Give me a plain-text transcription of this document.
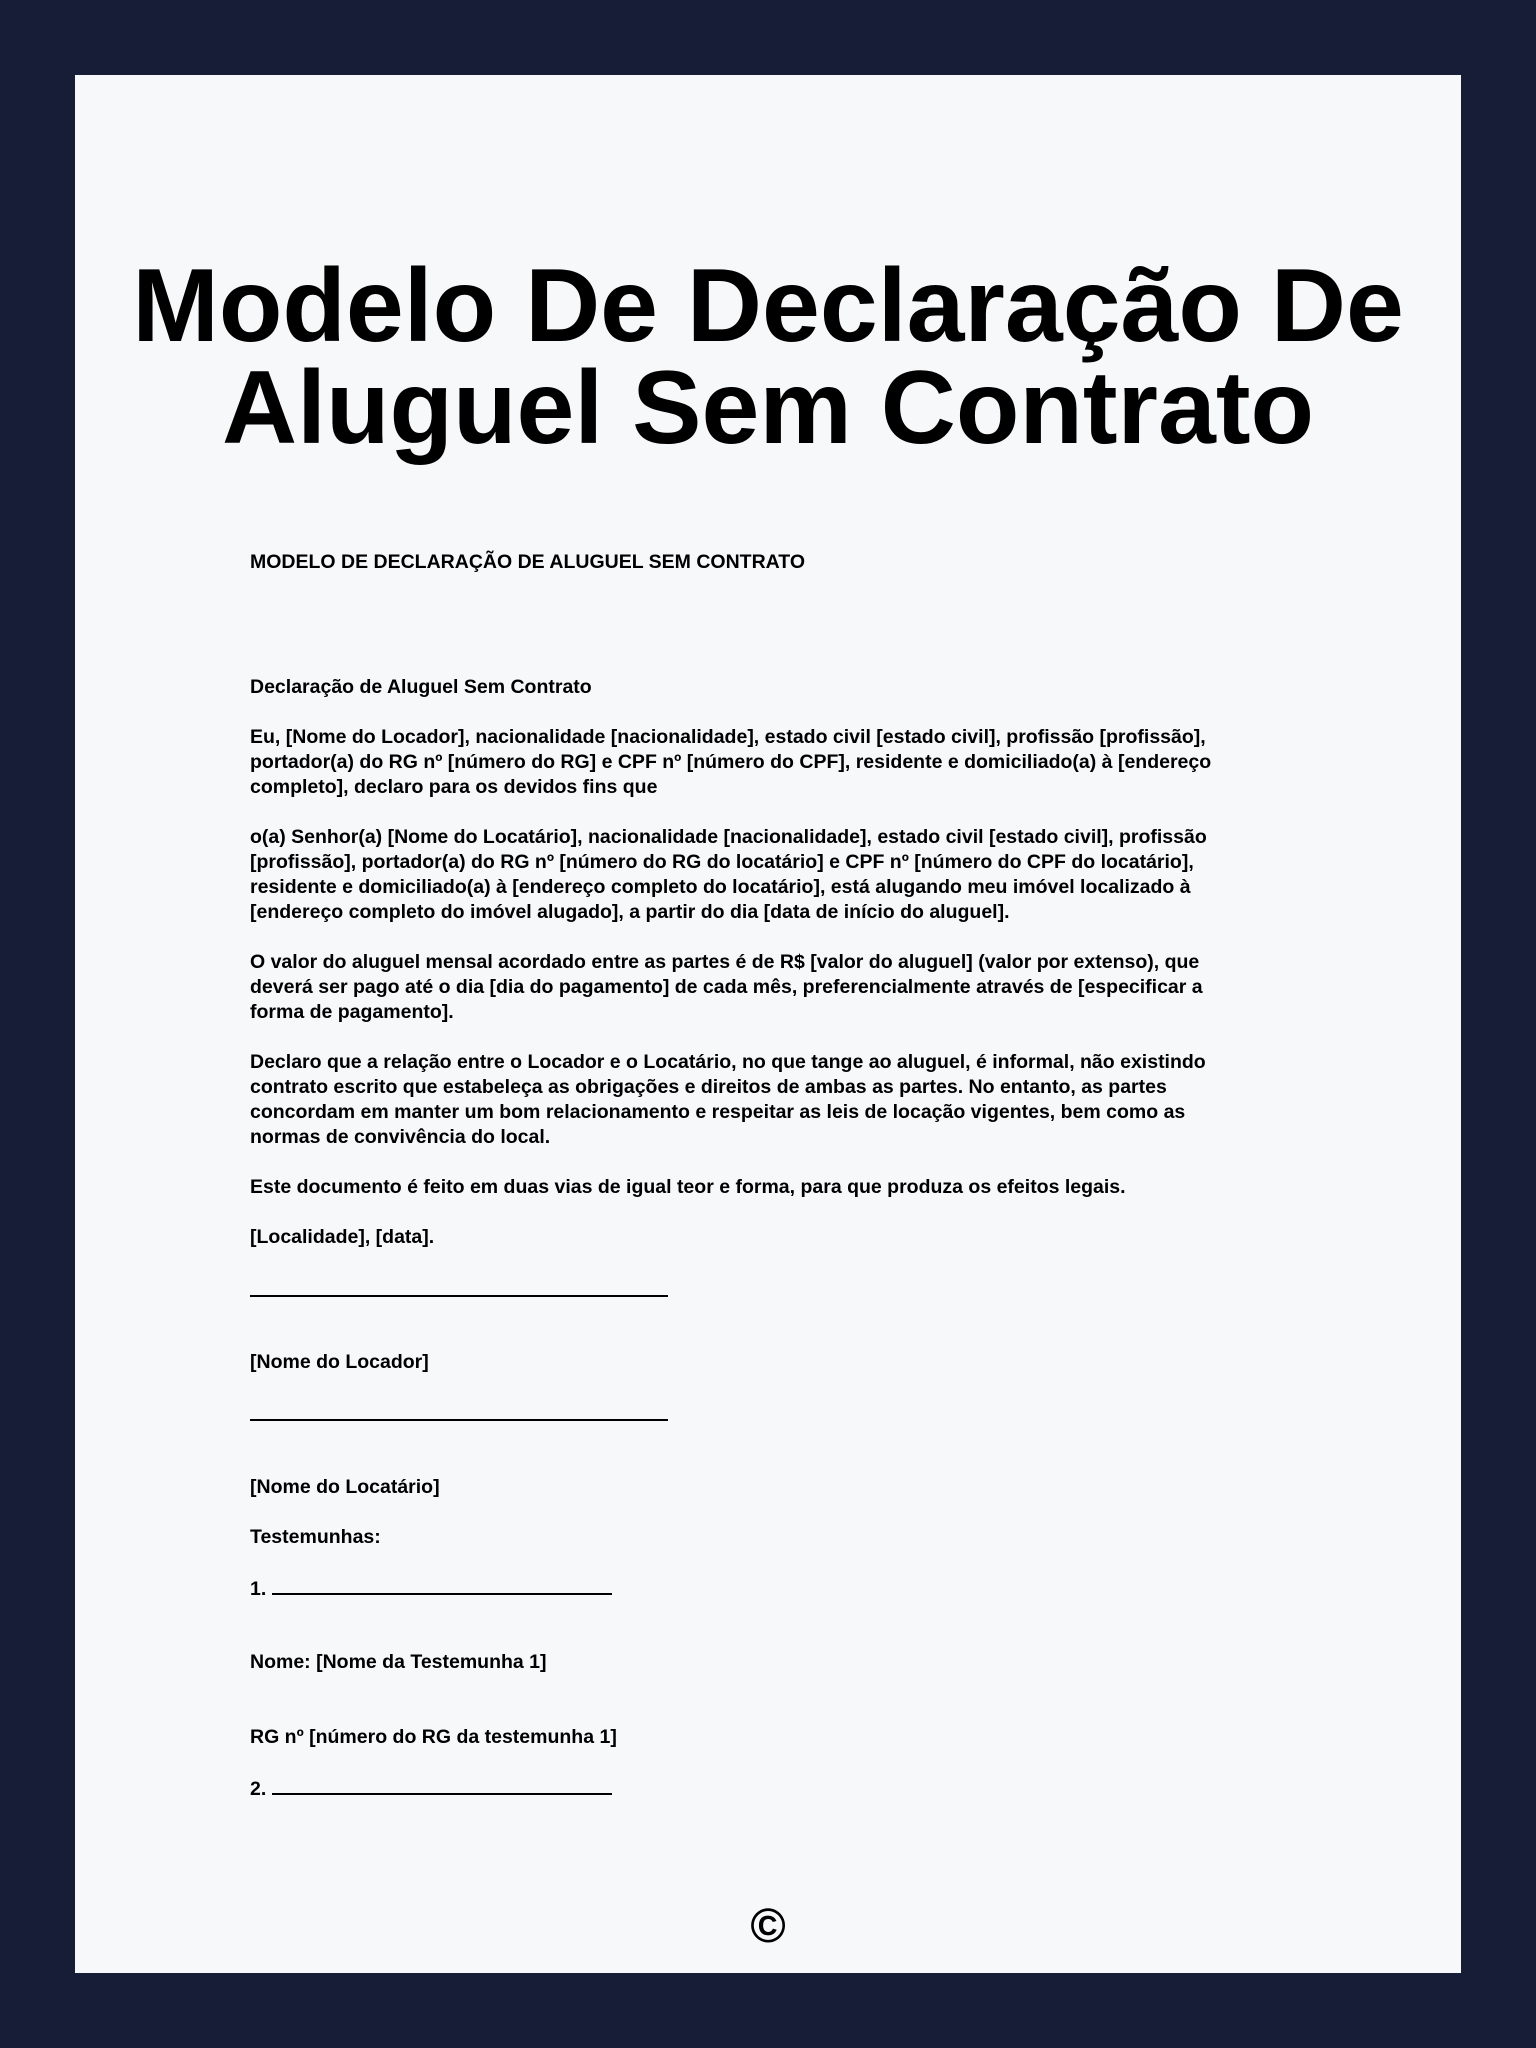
Modelo De Declaração De
Aluguel Sem Contrato

MODELO DE DECLARAÇÃO DE ALUGUEL SEM CONTRATO

Declaração de Aluguel Sem Contrato

Eu, [Nome do Locador], nacionalidade [nacionalidade], estado civil [estado civil], profissão [profissão],
portador(a) do RG nº [número do RG] e CPF nº [número do CPF], residente e domiciliado(a) à [endereço
completo], declaro para os devidos fins que

o(a) Senhor(a) [Nome do Locatário], nacionalidade [nacionalidade], estado civil [estado civil], profissão
[profissão], portador(a) do RG nº [número do RG do locatário] e CPF nº [número do CPF do locatário],
residente e domiciliado(a) à [endereço completo do locatário], está alugando meu imóvel localizado à
[endereço completo do imóvel alugado], a partir do dia [data de início do aluguel].

O valor do aluguel mensal acordado entre as partes é de R$ [valor do aluguel] (valor por extenso), que
deverá ser pago até o dia [dia do pagamento] de cada mês, preferencialmente através de [especificar a
forma de pagamento].

Declaro que a relação entre o Locador e o Locatário, no que tange ao aluguel, é informal, não existindo
contrato escrito que estabeleça as obrigações e direitos de ambas as partes. No entanto, as partes
concordam em manter um bom relacionamento e respeitar as leis de locação vigentes, bem como as
normas de convivência do local.

Este documento é feito em duas vias de igual teor e forma, para que produza os efeitos legais.

[Localidade], [data].

[Nome do Locador]

[Nome do Locatário]

Testemunhas:

1.

Nome: [Nome da Testemunha 1]

RG nº [número do RG da testemunha 1]

2.

©
